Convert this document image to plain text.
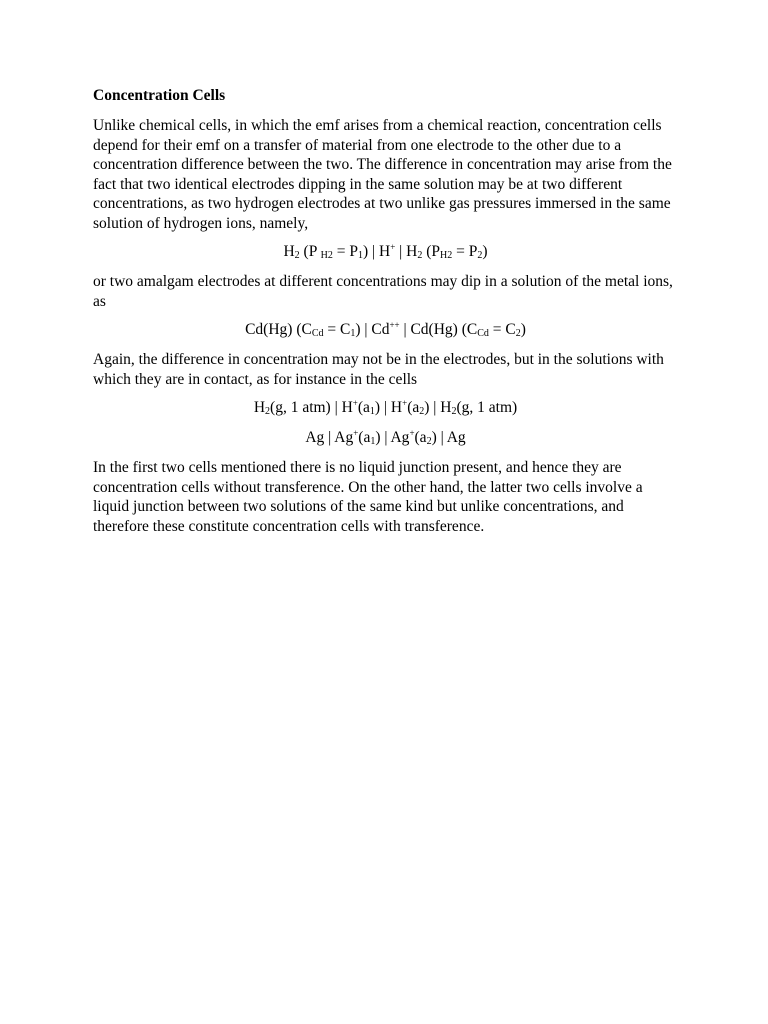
Concentration Cells

Unlike chemical cells, in which the emf arises from a chemical reaction, concentration cells depend for their emf on a transfer of material from one electrode to the other due to a concentration difference between the two. The difference in concentration may arise from the fact that two identical electrodes dipping in the same solution may be at two different concentrations, as two hydrogen electrodes at two unlike gas pressures immersed in the same solution of hydrogen ions, namely,

$H_2$ (P $_{H2} = P_1$) | H+ | $H_2$ $(P_{H2} = P_2)$

or two amalgam electrodes at different concentrations may dip in a solution of the metal ions, as

Cd(Hg) $(C_{Cd} = C_1)$ | Cd++ | Cd(Hg) $(C_{Cd} = C_2)$

Again, the difference in concentration may not be in the electrodes, but in the solutions with which they are in contact, as for instance in the cells

$H_2(g$, 1 atm) | $H^+(a_1)$ | $H^+(a_2)$ | $H_2(g$, 1 atm)
Ag | $Ag^+(a_1)$ | $Ag^+(a_2)$ | Ag

In the first two cells mentioned there is no liquid junction present, and hence they are concentration cells without transference. On the other hand, the latter two cells involve a liquid junction between two solutions of the same kind but unlike concentrations, and therefore these constitute concentration cells with transference.
